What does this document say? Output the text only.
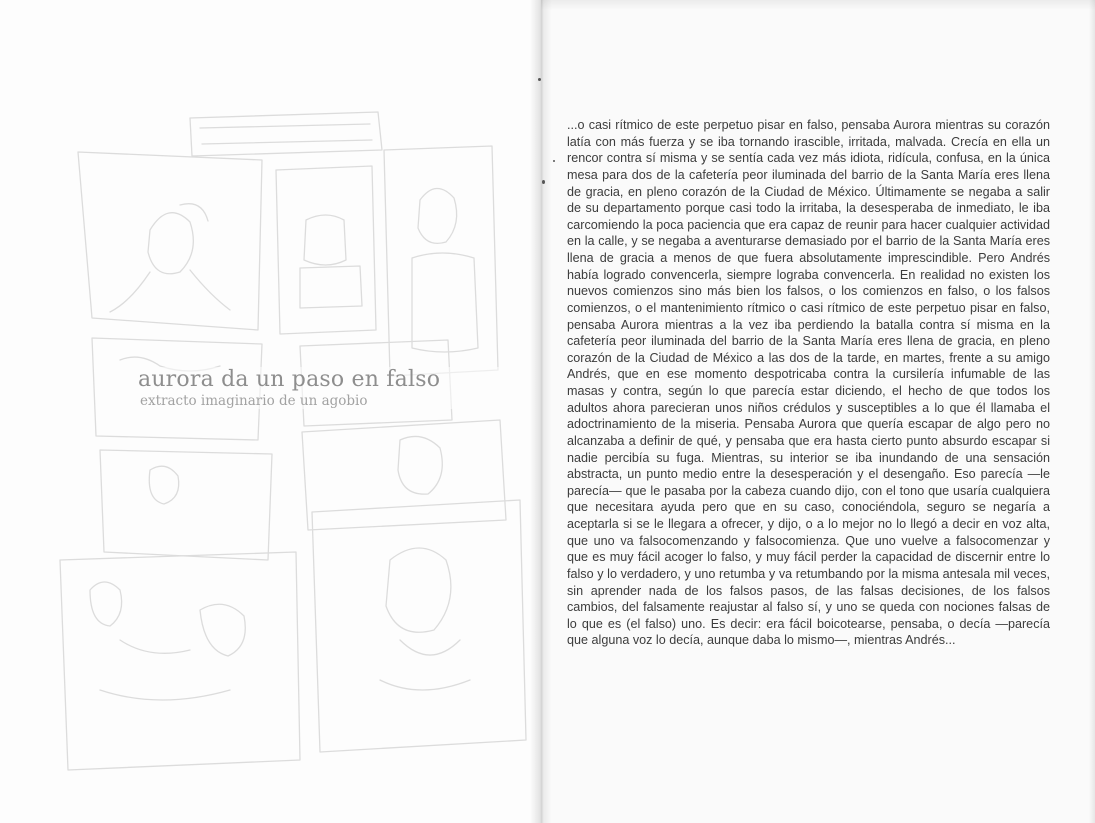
aurora da un paso en falso
extracto imaginario de un agobio

...o casi rítmico de este perpetuo pisar en falso, pensaba Aurora mientras su corazón latía con más fuerza y se iba tornando irascible, irritada, malvada. Crecía en ella un rencor contra sí misma y se sentía cada vez más idiota, ridícula, confusa, en la única mesa para dos de la cafetería peor iluminada del barrio de la Santa María eres llena de gracia, en pleno corazón de la Ciudad de México. Últimamente se negaba a salir de su departamento porque casi todo la irritaba, la desesperaba de inmediato, le iba carcomiendo la poca paciencia que era capaz de reunir para hacer cualquier actividad en la calle, y se negaba a aventurarse demasiado por el barrio de la Santa María eres llena de gracia a menos de que fuera absolutamente imprescindible. Pero Andrés había logrado convencerla, siempre lograba convencerla. En realidad no existen los nuevos comienzos sino más bien los falsos, o los comienzos en falso, o los falsos comienzos, o el mantenimiento rítmico o casi rítmico de este perpetuo pisar en falso, pensaba Aurora mientras a la vez iba perdiendo la batalla contra sí misma en la cafetería peor iluminada del barrio de la Santa María eres llena de gracia, en pleno corazón de la Ciudad de México a las dos de la tarde, en martes, frente a su amigo Andrés, que en ese momento despotricaba contra la cursilería infumable de las masas y contra, según lo que parecía estar diciendo, el hecho de que todos los adultos ahora parecieran unos niños crédulos y susceptibles a lo que él llamaba el adoctrinamiento de la miseria. Pensaba Aurora que quería escapar de algo pero no alcanzaba a definir de qué, y pensaba que era hasta cierto punto absurdo escapar si nadie percibía su fuga. Mientras, su interior se iba inundando de una sensación abstracta, un punto medio entre la desesperación y el desengaño. Eso parecía —le parecía— que le pasaba por la cabeza cuando dijo, con el tono que usaría cualquiera que necesitara ayuda pero que en su caso, conociéndola, seguro se negaría a aceptarla si se le llegara a ofrecer, y dijo, o a lo mejor no lo llegó a decir en voz alta, que uno va falsocomenzando y falsocomienza. Que uno vuelve a falsocomenzar y que es muy fácil acoger lo falso, y muy fácil perder la capacidad de discernir entre lo falso y lo verdadero, y uno retumba y va retumbando por la misma antesala mil veces, sin aprender nada de los falsos pasos, de las falsas decisiones, de los falsos cambios, del falsamente reajustar al falso sí, y uno se queda con nociones falsas de lo que es (el falso) uno. Es decir: era fácil boicotearse, pensaba, o decía —parecía que alguna voz lo decía, aunque daba lo mismo—, mientras Andrés...
